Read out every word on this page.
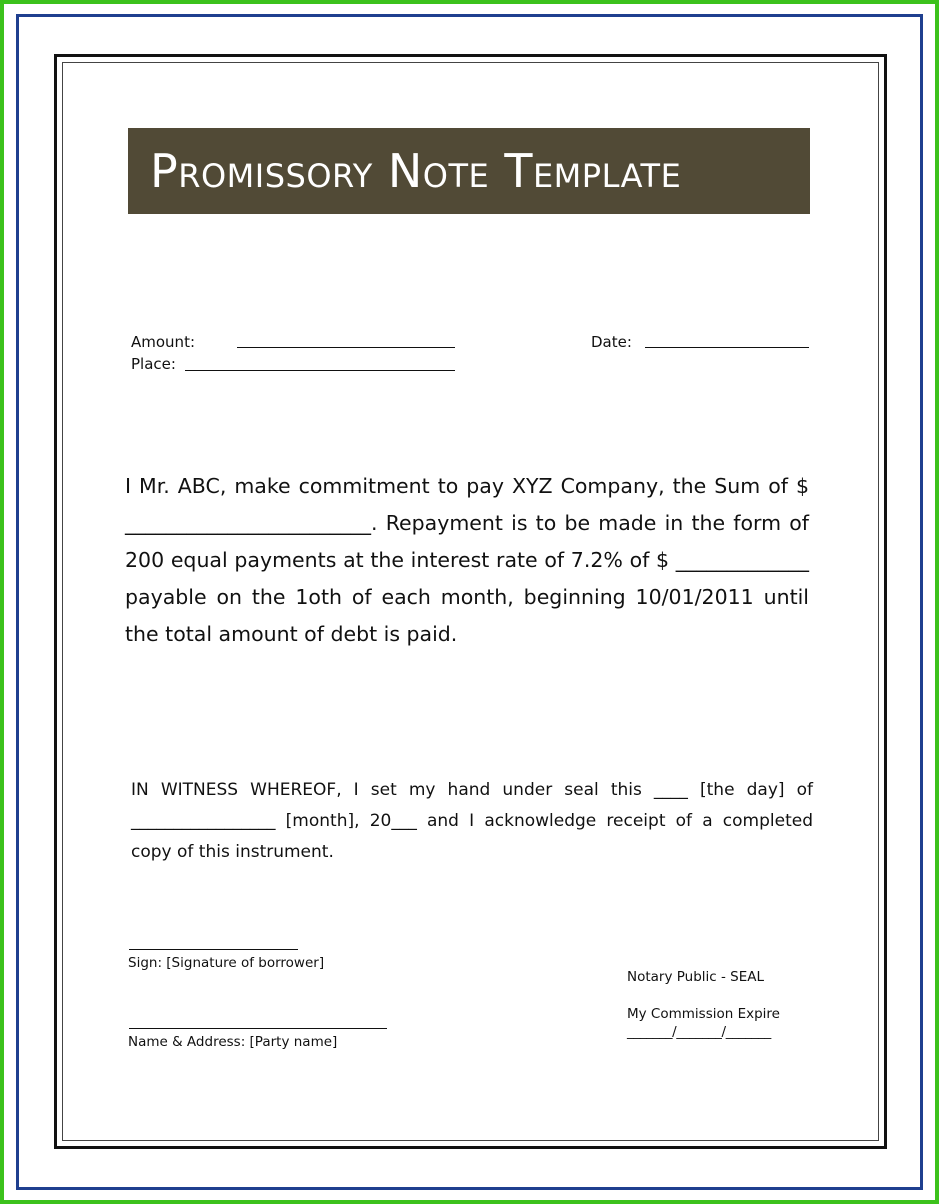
Promissory Note Template
Amount:
Place:
Date:

I Mr. ABC, make commitment to pay XYZ Company, the Sum of $ ________________________. Repayment is to be made in the form of 200 equal payments at the interest rate of 7.2% of $ _____________ payable on the 1oth of each month, beginning 10/01/2011 until the total amount of debt is paid.

IN WITNESS WHEREOF, I set my hand under seal this ____ [the day] of _________________ [month], 20___ and I acknowledge receipt of a completed copy of this instrument.

Sign: [Signature of borrower]
Name & Address: [Party name]
Notary Public - SEAL
My Commission Expire
_______/_______/_______
